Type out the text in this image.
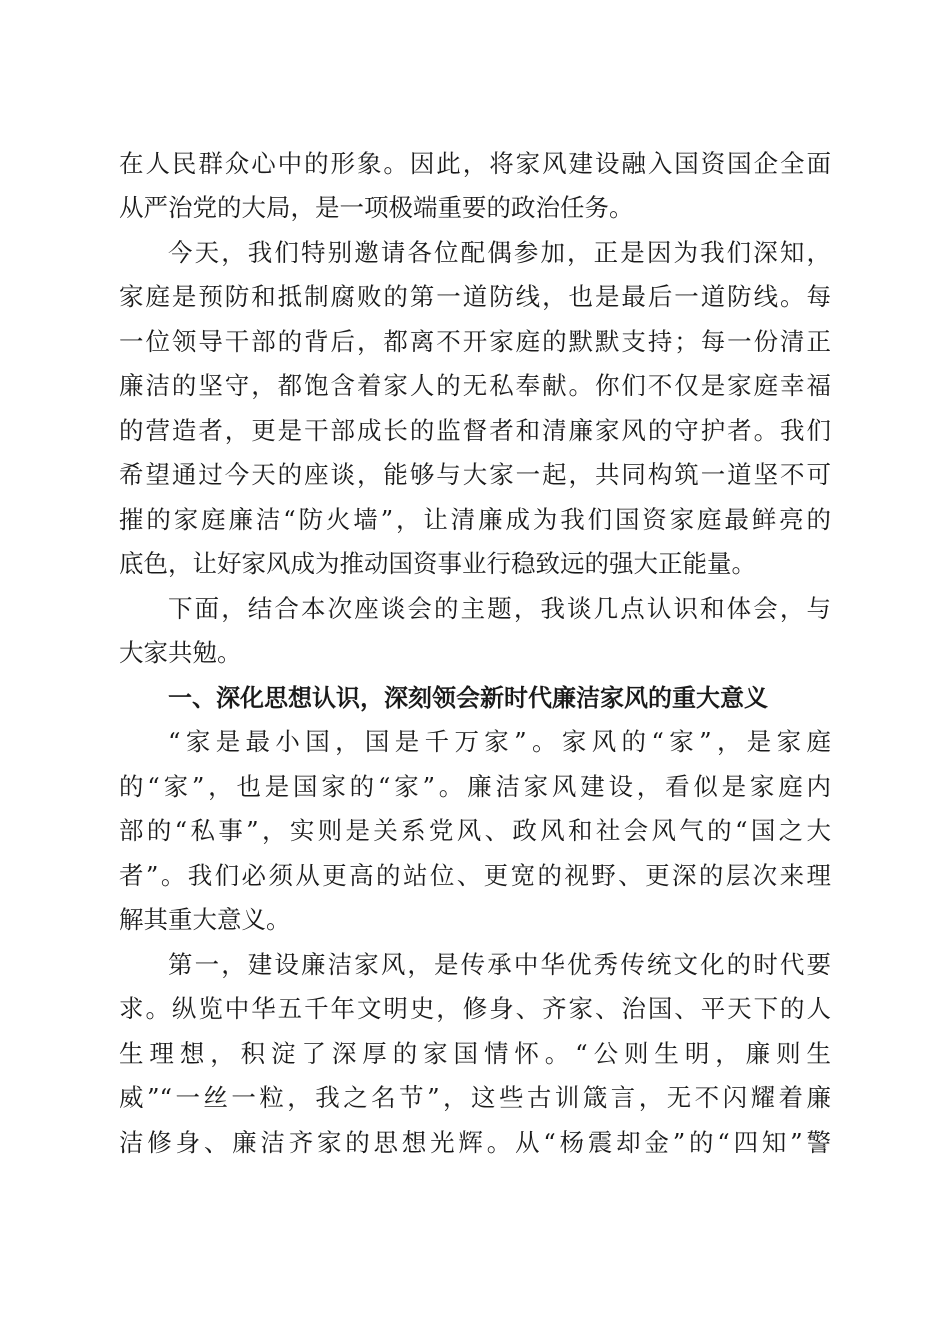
在人民群众心中的形象。因此，将家风建设融入国资国企全面
从严治党的大局，是一项极端重要的政治任务。
今天，我们特别邀请各位配偶参加，正是因为我们深知，
家庭是预防和抵制腐败的第一道防线，也是最后一道防线。每
一位领导干部的背后，都离不开家庭的默默支持；每一份清正
廉洁的坚守，都饱含着家人的无私奉献。你们不仅是家庭幸福
的营造者，更是干部成长的监督者和清廉家风的守护者。我们
希望通过今天的座谈，能够与大家一起，共同构筑一道坚不可
摧的家庭廉洁“防火墙”，让清廉成为我们国资家庭最鲜亮的
底色，让好家风成为推动国资事业行稳致远的强大正能量。
下面，结合本次座谈会的主题，我谈几点认识和体会，与
大家共勉。
一、深化思想认识，深刻领会新时代廉洁家风的重大意义
“家是最小国，国是千万家”。家风的“家”，是家庭
的“家”，也是国家的“家”。廉洁家风建设，看似是家庭内
部的“私事”，实则是关系党风、政风和社会风气的“国之大
者”。我们必须从更高的站位、更宽的视野、更深的层次来理
解其重大意义。
第一，建设廉洁家风，是传承中华优秀传统文化的时代要
求。纵览中华五千年文明史，修身、齐家、治国、平天下的人
生理想，积淀了深厚的家国情怀。“公则生明，廉则生
威”“一丝一粒，我之名节”，这些古训箴言，无不闪耀着廉
洁修身、廉洁齐家的思想光辉。从“杨震却金”的“四知”警
